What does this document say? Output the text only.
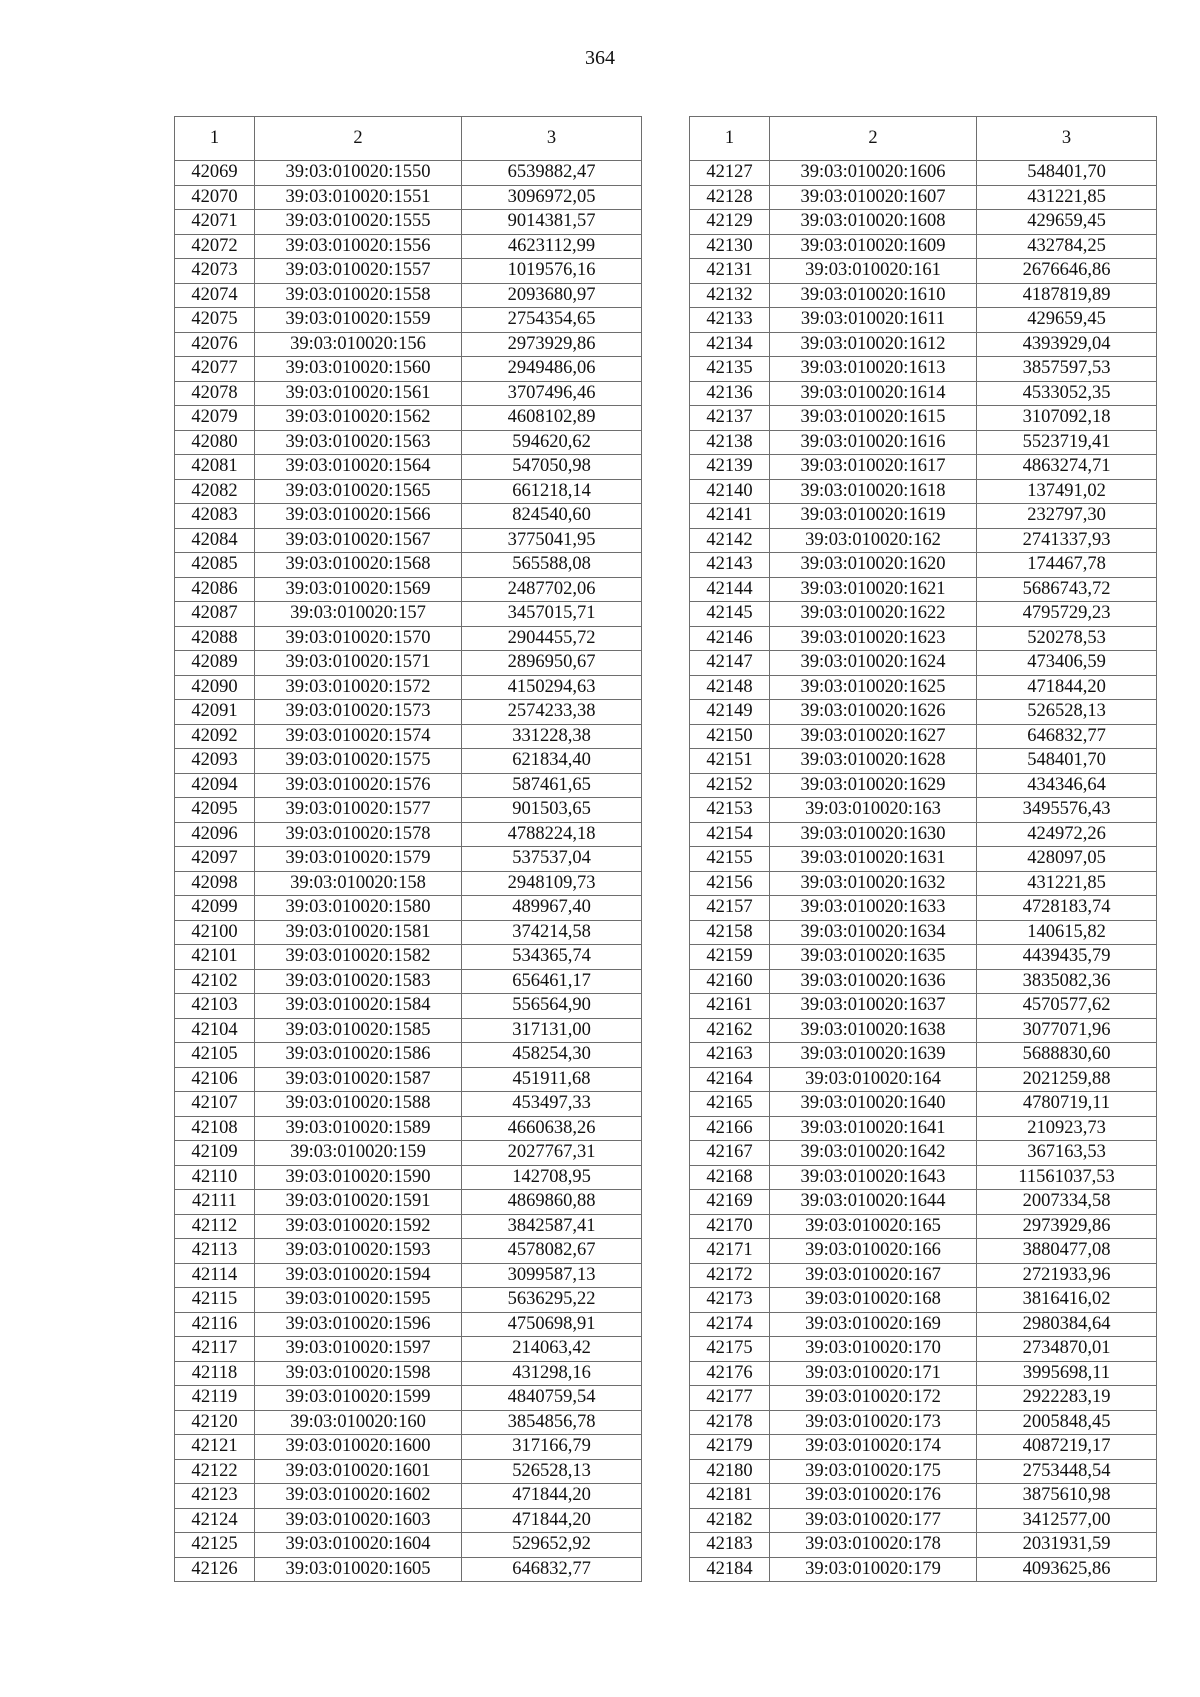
364
1	2	3
42069	39:03:010020:1550	6539882,47
42070	39:03:010020:1551	3096972,05
42071	39:03:010020:1555	9014381,57
42072	39:03:010020:1556	4623112,99
42073	39:03:010020:1557	1019576,16
42074	39:03:010020:1558	2093680,97
42075	39:03:010020:1559	2754354,65
42076	39:03:010020:156	2973929,86
42077	39:03:010020:1560	2949486,06
42078	39:03:010020:1561	3707496,46
42079	39:03:010020:1562	4608102,89
42080	39:03:010020:1563	594620,62
42081	39:03:010020:1564	547050,98
42082	39:03:010020:1565	661218,14
42083	39:03:010020:1566	824540,60
42084	39:03:010020:1567	3775041,95
42085	39:03:010020:1568	565588,08
42086	39:03:010020:1569	2487702,06
42087	39:03:010020:157	3457015,71
42088	39:03:010020:1570	2904455,72
42089	39:03:010020:1571	2896950,67
42090	39:03:010020:1572	4150294,63
42091	39:03:010020:1573	2574233,38
42092	39:03:010020:1574	331228,38
42093	39:03:010020:1575	621834,40
42094	39:03:010020:1576	587461,65
42095	39:03:010020:1577	901503,65
42096	39:03:010020:1578	4788224,18
42097	39:03:010020:1579	537537,04
42098	39:03:010020:158	2948109,73
42099	39:03:010020:1580	489967,40
42100	39:03:010020:1581	374214,58
42101	39:03:010020:1582	534365,74
42102	39:03:010020:1583	656461,17
42103	39:03:010020:1584	556564,90
42104	39:03:010020:1585	317131,00
42105	39:03:010020:1586	458254,30
42106	39:03:010020:1587	451911,68
42107	39:03:010020:1588	453497,33
42108	39:03:010020:1589	4660638,26
42109	39:03:010020:159	2027767,31
42110	39:03:010020:1590	142708,95
42111	39:03:010020:1591	4869860,88
42112	39:03:010020:1592	3842587,41
42113	39:03:010020:1593	4578082,67
42114	39:03:010020:1594	3099587,13
42115	39:03:010020:1595	5636295,22
42116	39:03:010020:1596	4750698,91
42117	39:03:010020:1597	214063,42
42118	39:03:010020:1598	431298,16
42119	39:03:010020:1599	4840759,54
42120	39:03:010020:160	3854856,78
42121	39:03:010020:1600	317166,79
42122	39:03:010020:1601	526528,13
42123	39:03:010020:1602	471844,20
42124	39:03:010020:1603	471844,20
42125	39:03:010020:1604	529652,92
42126	39:03:010020:1605	646832,77
1	2	3
42127	39:03:010020:1606	548401,70
42128	39:03:010020:1607	431221,85
42129	39:03:010020:1608	429659,45
42130	39:03:010020:1609	432784,25
42131	39:03:010020:161	2676646,86
42132	39:03:010020:1610	4187819,89
42133	39:03:010020:1611	429659,45
42134	39:03:010020:1612	4393929,04
42135	39:03:010020:1613	3857597,53
42136	39:03:010020:1614	4533052,35
42137	39:03:010020:1615	3107092,18
42138	39:03:010020:1616	5523719,41
42139	39:03:010020:1617	4863274,71
42140	39:03:010020:1618	137491,02
42141	39:03:010020:1619	232797,30
42142	39:03:010020:162	2741337,93
42143	39:03:010020:1620	174467,78
42144	39:03:010020:1621	5686743,72
42145	39:03:010020:1622	4795729,23
42146	39:03:010020:1623	520278,53
42147	39:03:010020:1624	473406,59
42148	39:03:010020:1625	471844,20
42149	39:03:010020:1626	526528,13
42150	39:03:010020:1627	646832,77
42151	39:03:010020:1628	548401,70
42152	39:03:010020:1629	434346,64
42153	39:03:010020:163	3495576,43
42154	39:03:010020:1630	424972,26
42155	39:03:010020:1631	428097,05
42156	39:03:010020:1632	431221,85
42157	39:03:010020:1633	4728183,74
42158	39:03:010020:1634	140615,82
42159	39:03:010020:1635	4439435,79
42160	39:03:010020:1636	3835082,36
42161	39:03:010020:1637	4570577,62
42162	39:03:010020:1638	3077071,96
42163	39:03:010020:1639	5688830,60
42164	39:03:010020:164	2021259,88
42165	39:03:010020:1640	4780719,11
42166	39:03:010020:1641	210923,73
42167	39:03:010020:1642	367163,53
42168	39:03:010020:1643	11561037,53
42169	39:03:010020:1644	2007334,58
42170	39:03:010020:165	2973929,86
42171	39:03:010020:166	3880477,08
42172	39:03:010020:167	2721933,96
42173	39:03:010020:168	3816416,02
42174	39:03:010020:169	2980384,64
42175	39:03:010020:170	2734870,01
42176	39:03:010020:171	3995698,11
42177	39:03:010020:172	2922283,19
42178	39:03:010020:173	2005848,45
42179	39:03:010020:174	4087219,17
42180	39:03:010020:175	2753448,54
42181	39:03:010020:176	3875610,98
42182	39:03:010020:177	3412577,00
42183	39:03:010020:178	2031931,59
42184	39:03:010020:179	4093625,86
